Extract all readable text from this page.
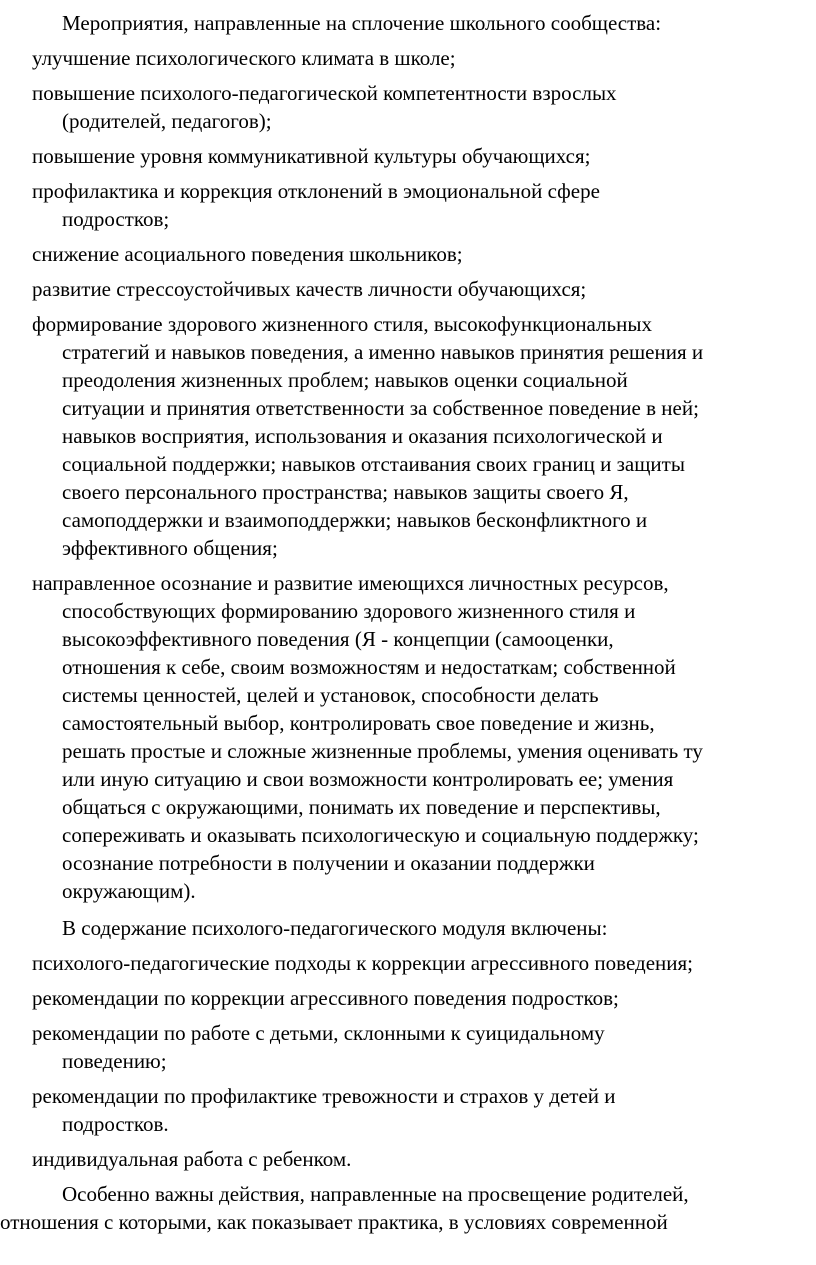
Мероприятия, направленные на сплочение школьного сообщества:

улучшение психологического климата в школе;

повышение психолого-педагогической компетентности взрослых
(родителей, педагогов);

повышение уровня коммуникативной культуры обучающихся;

профилактика и коррекция отклонений в эмоциональной сфере
подростков;

снижение асоциального поведения школьников;

развитие стрессоустойчивых качеств личности обучающихся;

формирование здорового жизненного стиля, высокофункциональных
стратегий и навыков поведения, а именно навыков принятия решения и
преодоления жизненных проблем; навыков оценки социальной
ситуации и принятия ответственности за собственное поведение в ней;
навыков восприятия, использования и оказания психологической и
социальной поддержки; навыков отстаивания своих границ и защиты
своего персонального пространства; навыков защиты своего Я,
самоподдержки и взаимоподдержки; навыков бесконфликтного и
эффективного общения;

направленное осознание и развитие имеющихся личностных ресурсов,
способствующих формированию здорового жизненного стиля и
высокоэффективного поведения (Я - концепции (самооценки,
отношения к себе, своим возможностям и недостаткам; собственной
системы ценностей, целей и установок, способности делать
самостоятельный выбор, контролировать свое поведение и жизнь,
решать простые и сложные жизненные проблемы, умения оценивать ту
или иную ситуацию и свои возможности контролировать ее; умения
общаться с окружающими, понимать их поведение и перспективы,
сопереживать и оказывать психологическую и социальную поддержку;
осознание потребности в получении и оказании поддержки
окружающим).

В содержание психолого-педагогического модуля включены:

психолого-педагогические подходы к коррекции агрессивного поведения;

рекомендации по коррекции агрессивного поведения подростков;

рекомендации по работе с детьми, склонными к суицидальному
поведению;

рекомендации по профилактике тревожности и страхов у детей и
подростков.

индивидуальная работа с ребенком.

Особенно важны действия, направленные на просвещение родителей,
отношения с которыми, как показывает практика, в условиях современной
